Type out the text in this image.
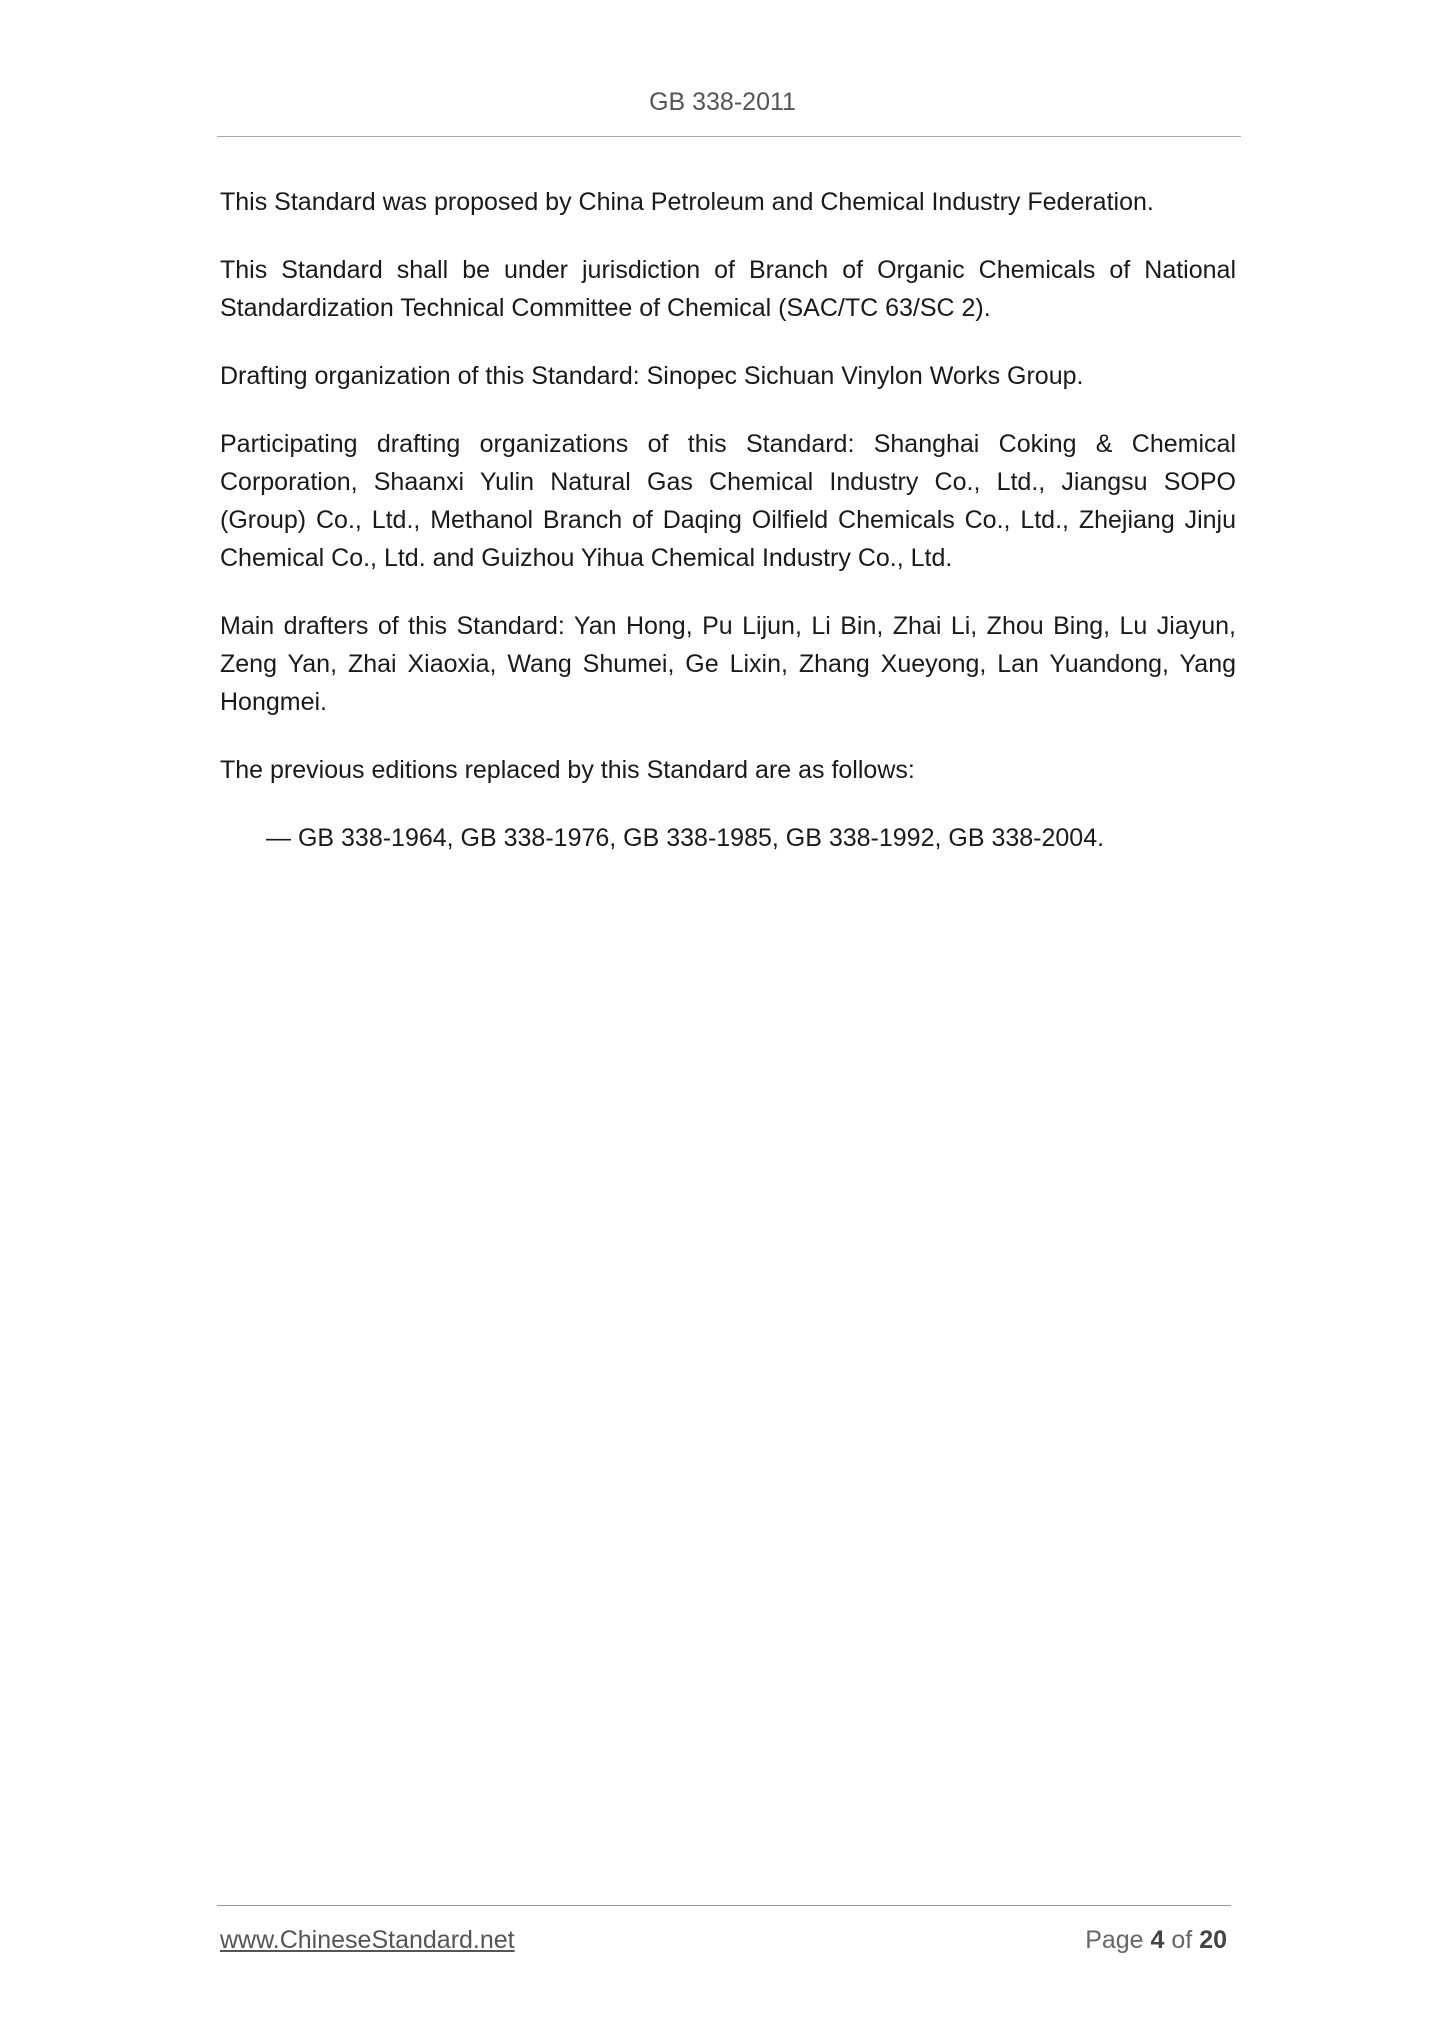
GB 338-2011

This Standard was proposed by China Petroleum and Chemical Industry Federation.

This Standard shall be under jurisdiction of Branch of Organic Chemicals of National Standardization Technical Committee of Chemical (SAC/TC 63/SC 2).

Drafting organization of this Standard: Sinopec Sichuan Vinylon Works Group.

Participating drafting organizations of this Standard: Shanghai Coking & Chemical Corporation, Shaanxi Yulin Natural Gas Chemical Industry Co., Ltd., Jiangsu SOPO (Group) Co., Ltd., Methanol Branch of Daqing Oilfield Chemicals Co., Ltd., Zhejiang Jinju Chemical Co., Ltd. and Guizhou Yihua Chemical Industry Co., Ltd.

Main drafters of this Standard: Yan Hong, Pu Lijun, Li Bin, Zhai Li, Zhou Bing, Lu Jiayun, Zeng Yan, Zhai Xiaoxia, Wang Shumei, Ge Lixin, Zhang Xueyong, Lan Yuandong, Yang Hongmei.

The previous editions replaced by this Standard are as follows:

— GB 338-1964, GB 338-1976, GB 338-1985, GB 338-1992, GB 338-2004.
www.ChineseStandard.net	Page 4 of 20
